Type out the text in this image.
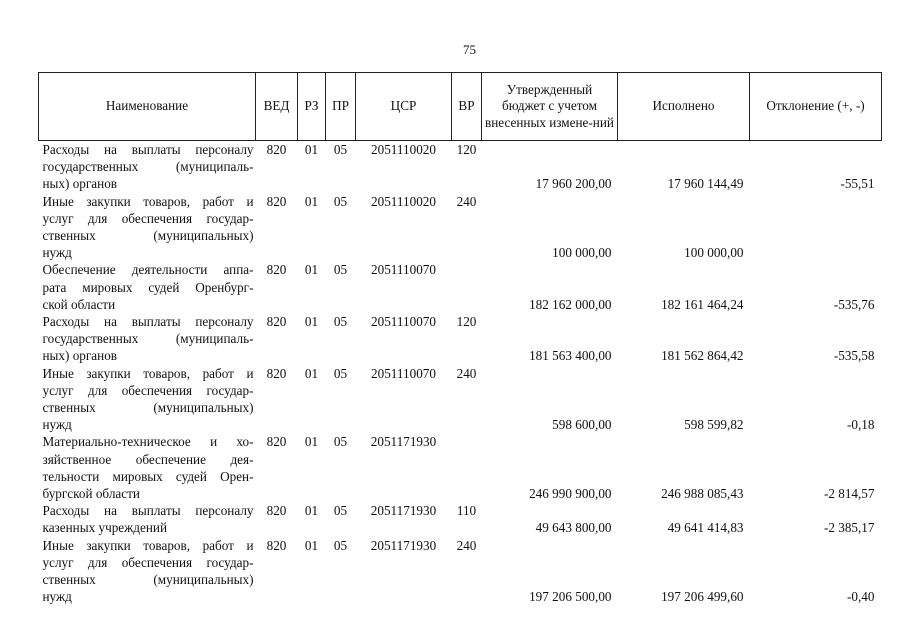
75
Наименование	ВЕД	РЗ	ПР	ЦСР	ВР	Утвержденный бюджет с учетом внесенных измене-ний	Исполнено	Отклонение (+, -)

Расходы на выплаты персоналу
государственных (муниципаль-
ных) органов	820	01	05	2051110020	120	17 960 200,00	17 960 144,49	-55,51

Иные закупки товаров, работ и
услуг для обеспечения государ-
ственных (муниципальных)
нужд	820	01	05	2051110020	240	100 000,00	100 000,00	

Обеспечение деятельности аппа-
рата мировых судей Оренбург-
ской области	820	01	05	2051110070		182 162 000,00	182 161 464,24	-535,76

Расходы на выплаты персоналу
государственных (муниципаль-
ных) органов	820	01	05	2051110070	120	181 563 400,00	181 562 864,42	-535,58

Иные закупки товаров, работ и
услуг для обеспечения государ-
ственных (муниципальных)
нужд	820	01	05	2051110070	240	598 600,00	598 599,82	-0,18

Материально-техническое и хо-
зяйственное обеспечение дея-
тельности мировых судей Орен-
бургской области	820	01	05	2051171930		246 990 900,00	246 988 085,43	-2 814,57

Расходы на выплаты персоналу
казенных учреждений	820	01	05	2051171930	110	49 643 800,00	49 641 414,83	-2 385,17

Иные закупки товаров, работ и
услуг для обеспечения государ-
ственных (муниципальных)
нужд	820	01	05	2051171930	240	197 206 500,00	197 206 499,60	-0,40
